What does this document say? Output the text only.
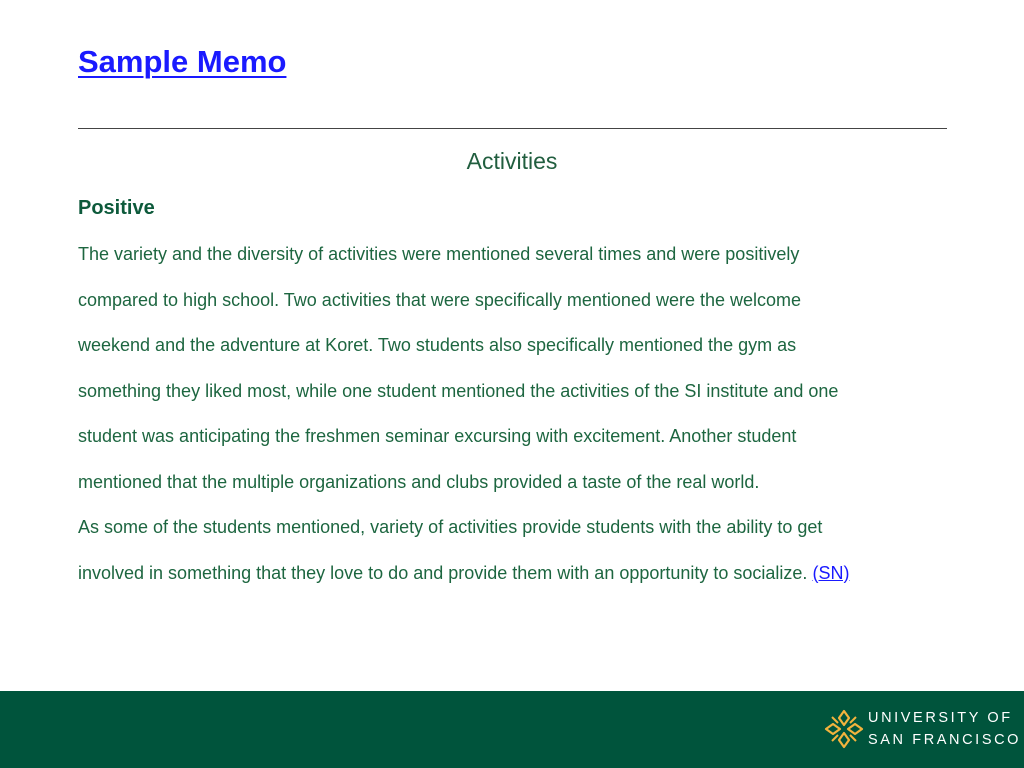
Sample Memo
Activities
Positive

The variety and the diversity of activities were mentioned several times and were positively
compared to high school. Two activities that were specifically mentioned were the welcome
weekend and the adventure at Koret. Two students also specifically mentioned the gym as
something they liked most, while one student mentioned the activities of the SI institute and one
student was anticipating the freshmen seminar excursing with excitement. Another student
mentioned that the multiple organizations and clubs provided a taste of the real world.

As some of the students mentioned, variety of activities provide students with the ability to get
involved in something that they love to do and provide them with an opportunity to socialize. (SN)

UNIVERSITY OF
SAN FRANCISCO
